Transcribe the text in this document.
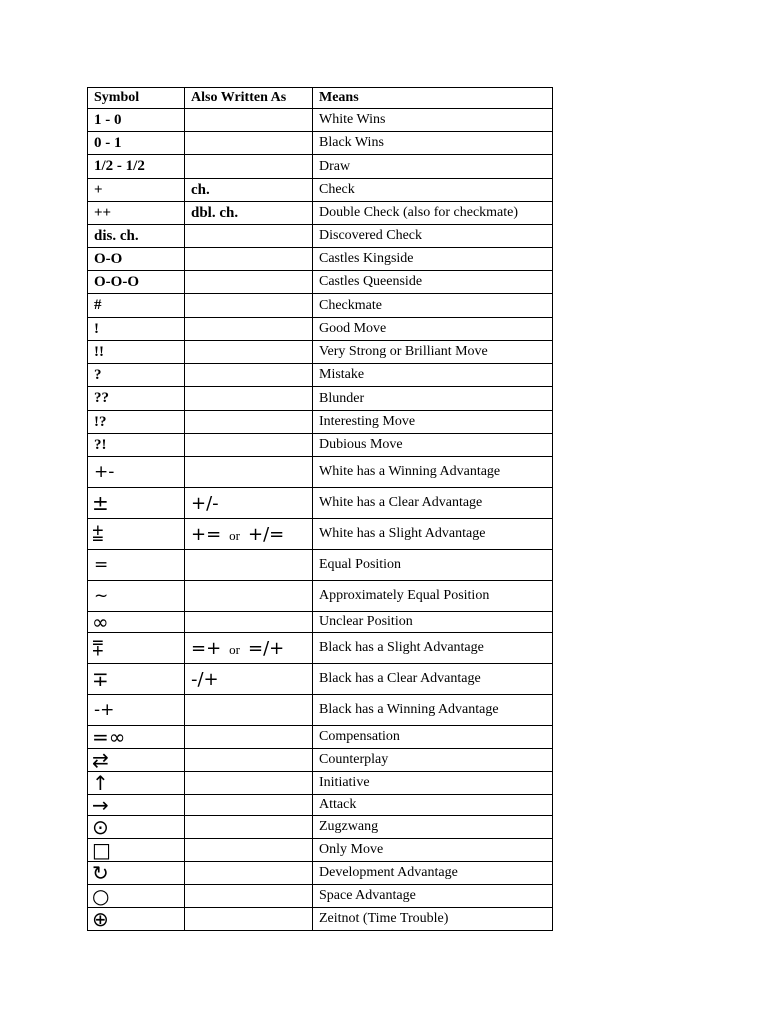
Symbol	Also Written As	Means
1 - 0		White Wins
0 - 1		Black Wins
1/2 - 1/2		Draw
+	ch.	Check
++	dbl. ch.	Double Check (also for checkmate)
dis. ch.		Discovered Check
O-O		Castles Kingside
O-O-O		Castles Queenside
#		Checkmate
!		Good Move
!!		Very Strong or Brilliant Move
?		Mistake
??		Blunder
!?		Interesting Move
?!		Dubious Move
+-		White has a Winning Advantage
±	+/-	White has a Clear Advantage
⩲	+= or +/=	White has a Slight Advantage
=		Equal Position
~		Approximately Equal Position
∞		Unclear Position
⩱	=+ or =/+	Black has a Slight Advantage
∓	-/+	Black has a Clear Advantage
-+		Black has a Winning Advantage
=∞		Compensation
⇄		Counterplay
↑		Initiative
→		Attack
⊙		Zugzwang
□		Only Move
↻		Development Advantage
○		Space Advantage
⊕		Zeitnot (Time Trouble)
